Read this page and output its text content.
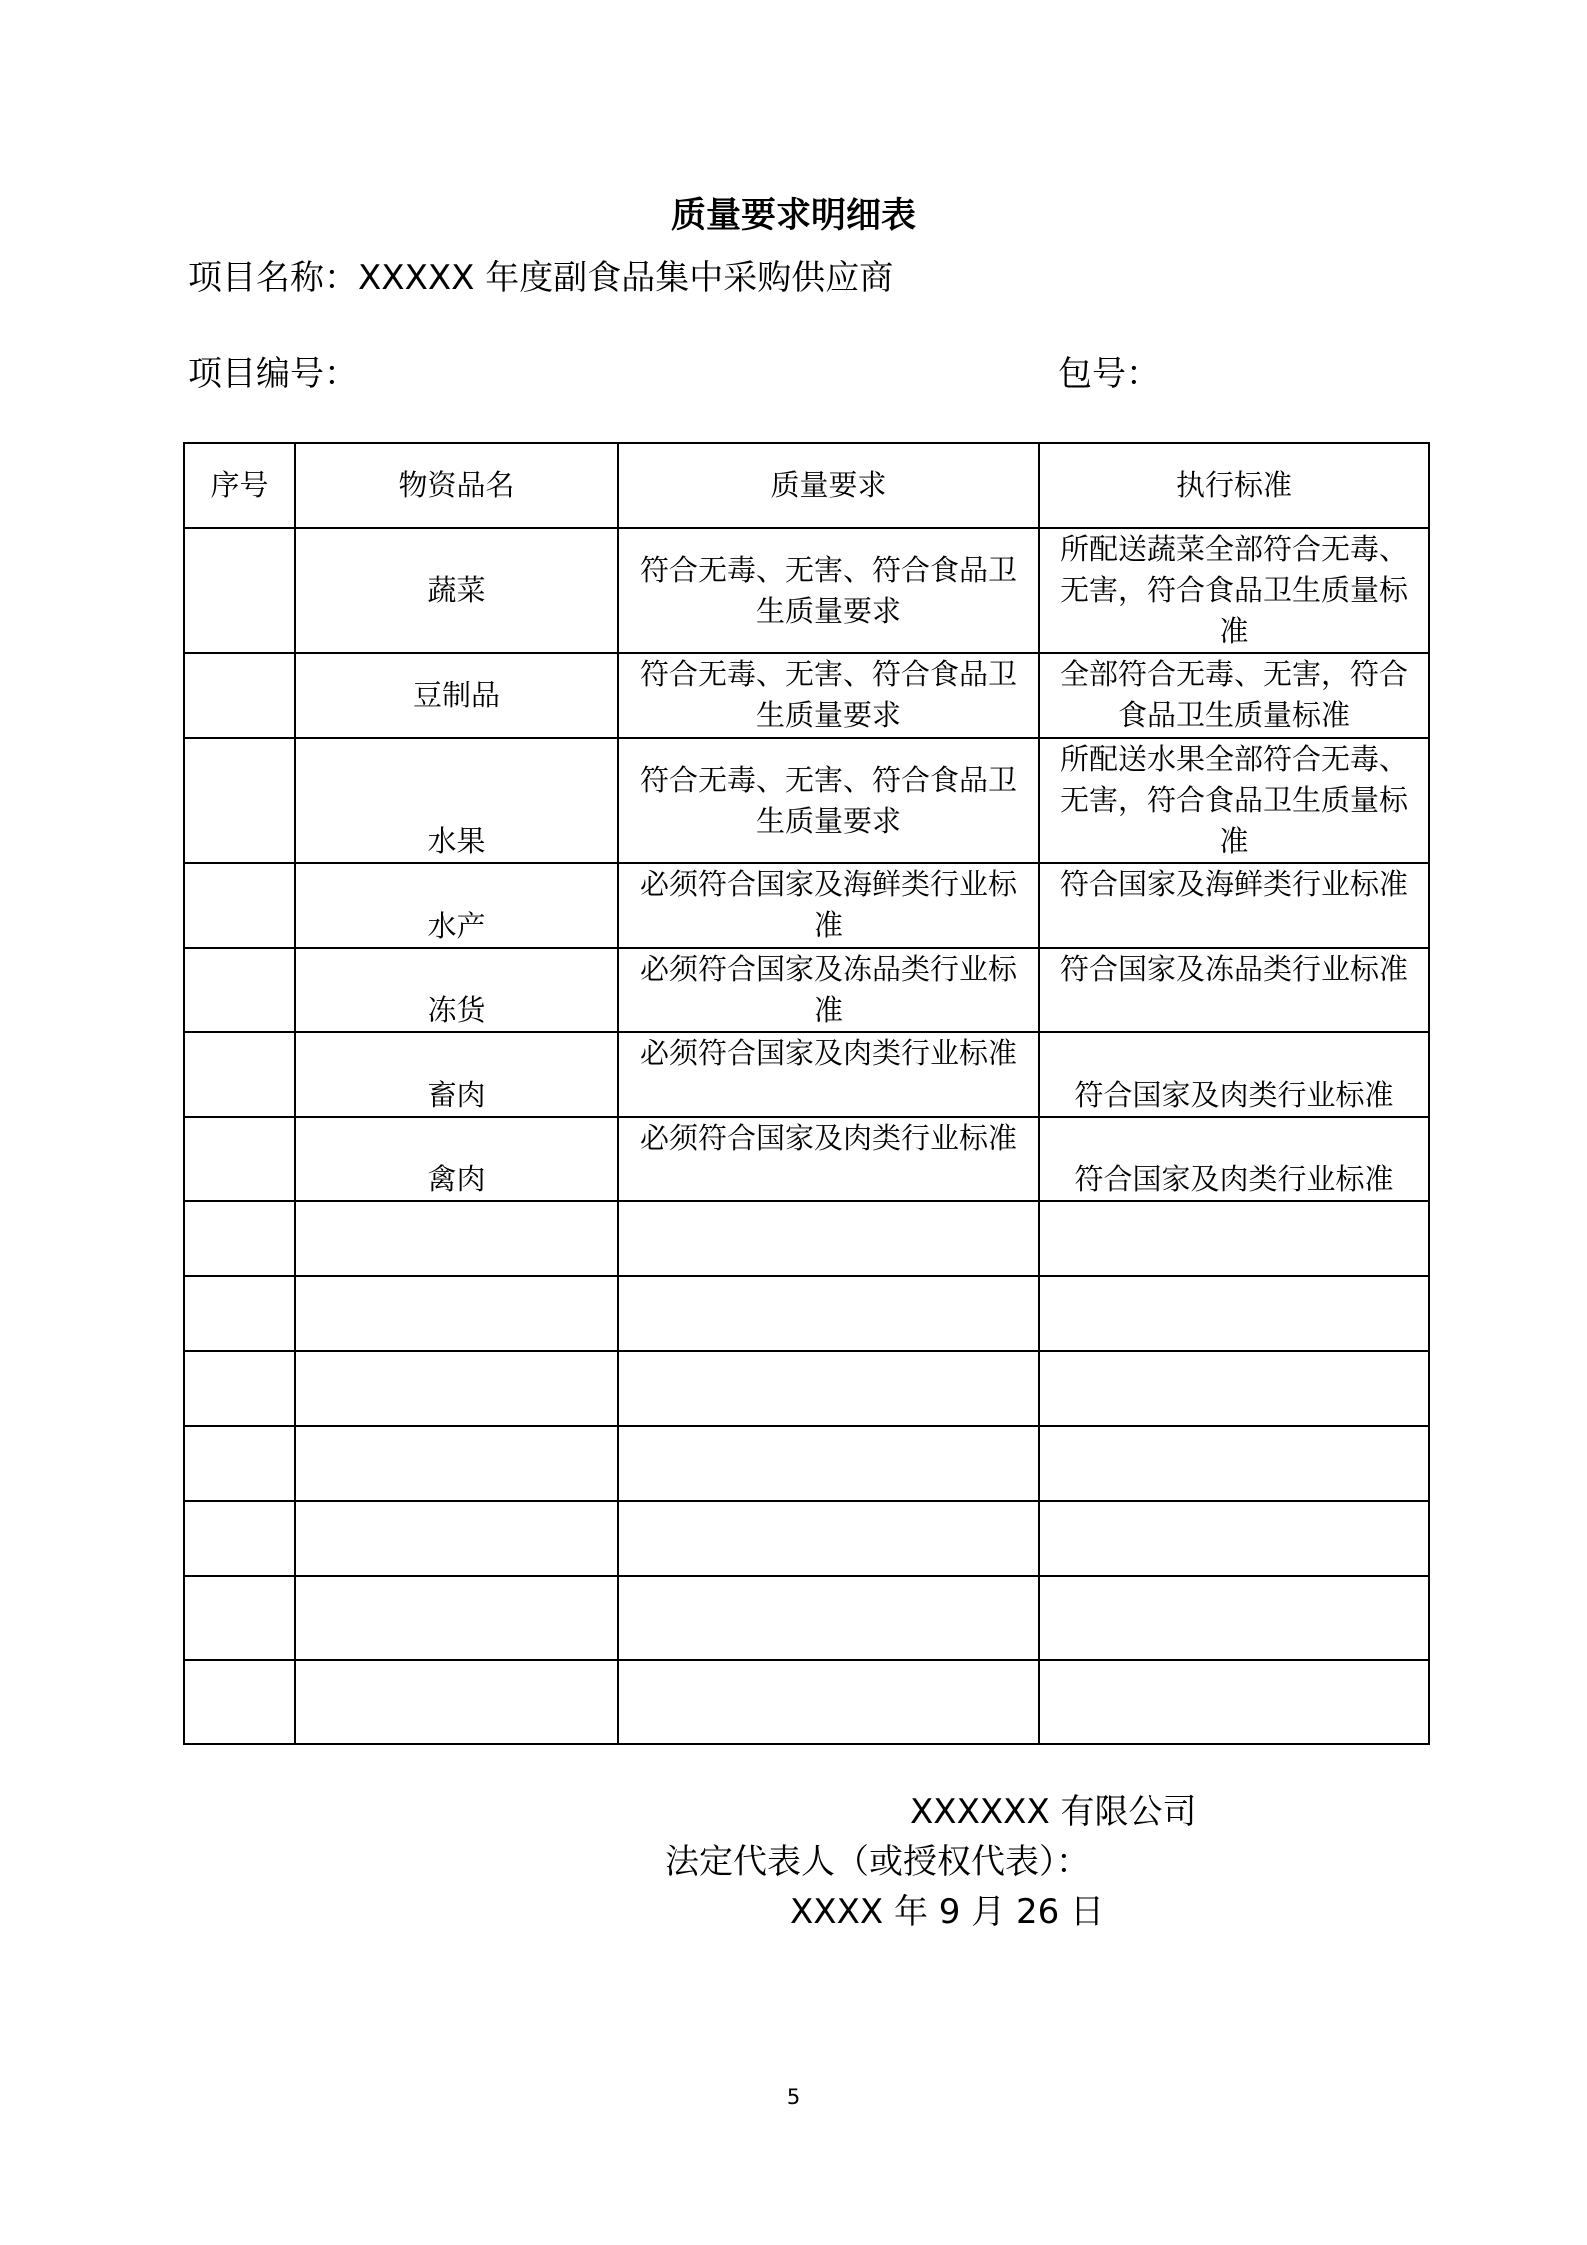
质量要求明细表
项目名称：XXXXX 年度副食品集中采购供应商
项目编号：	包号：
序号	物资品名	质量要求	执行标准
	蔬菜	符合无毒、无害、符合食品卫生质量要求	所配送蔬菜全部符合无毒、无害，符合食品卫生质量标准
	豆制品	符合无毒、无害、符合食品卫生质量要求	全部符合无毒、无害，符合食品卫生质量标准
	水果	符合无毒、无害、符合食品卫生质量要求	所配送水果全部符合无毒、无害，符合食品卫生质量标准
	水产	必须符合国家及海鲜类行业标准	符合国家及海鲜类行业标准
	冻货	必须符合国家及冻品类行业标准	符合国家及冻品类行业标准
	畜肉	必须符合国家及肉类行业标准	符合国家及肉类行业标准
	禽肉	必须符合国家及肉类行业标准	符合国家及肉类行业标准

XXXXXX 有限公司
法定代表人（或授权代表）：
XXXX 年 9 月 26 日
5
